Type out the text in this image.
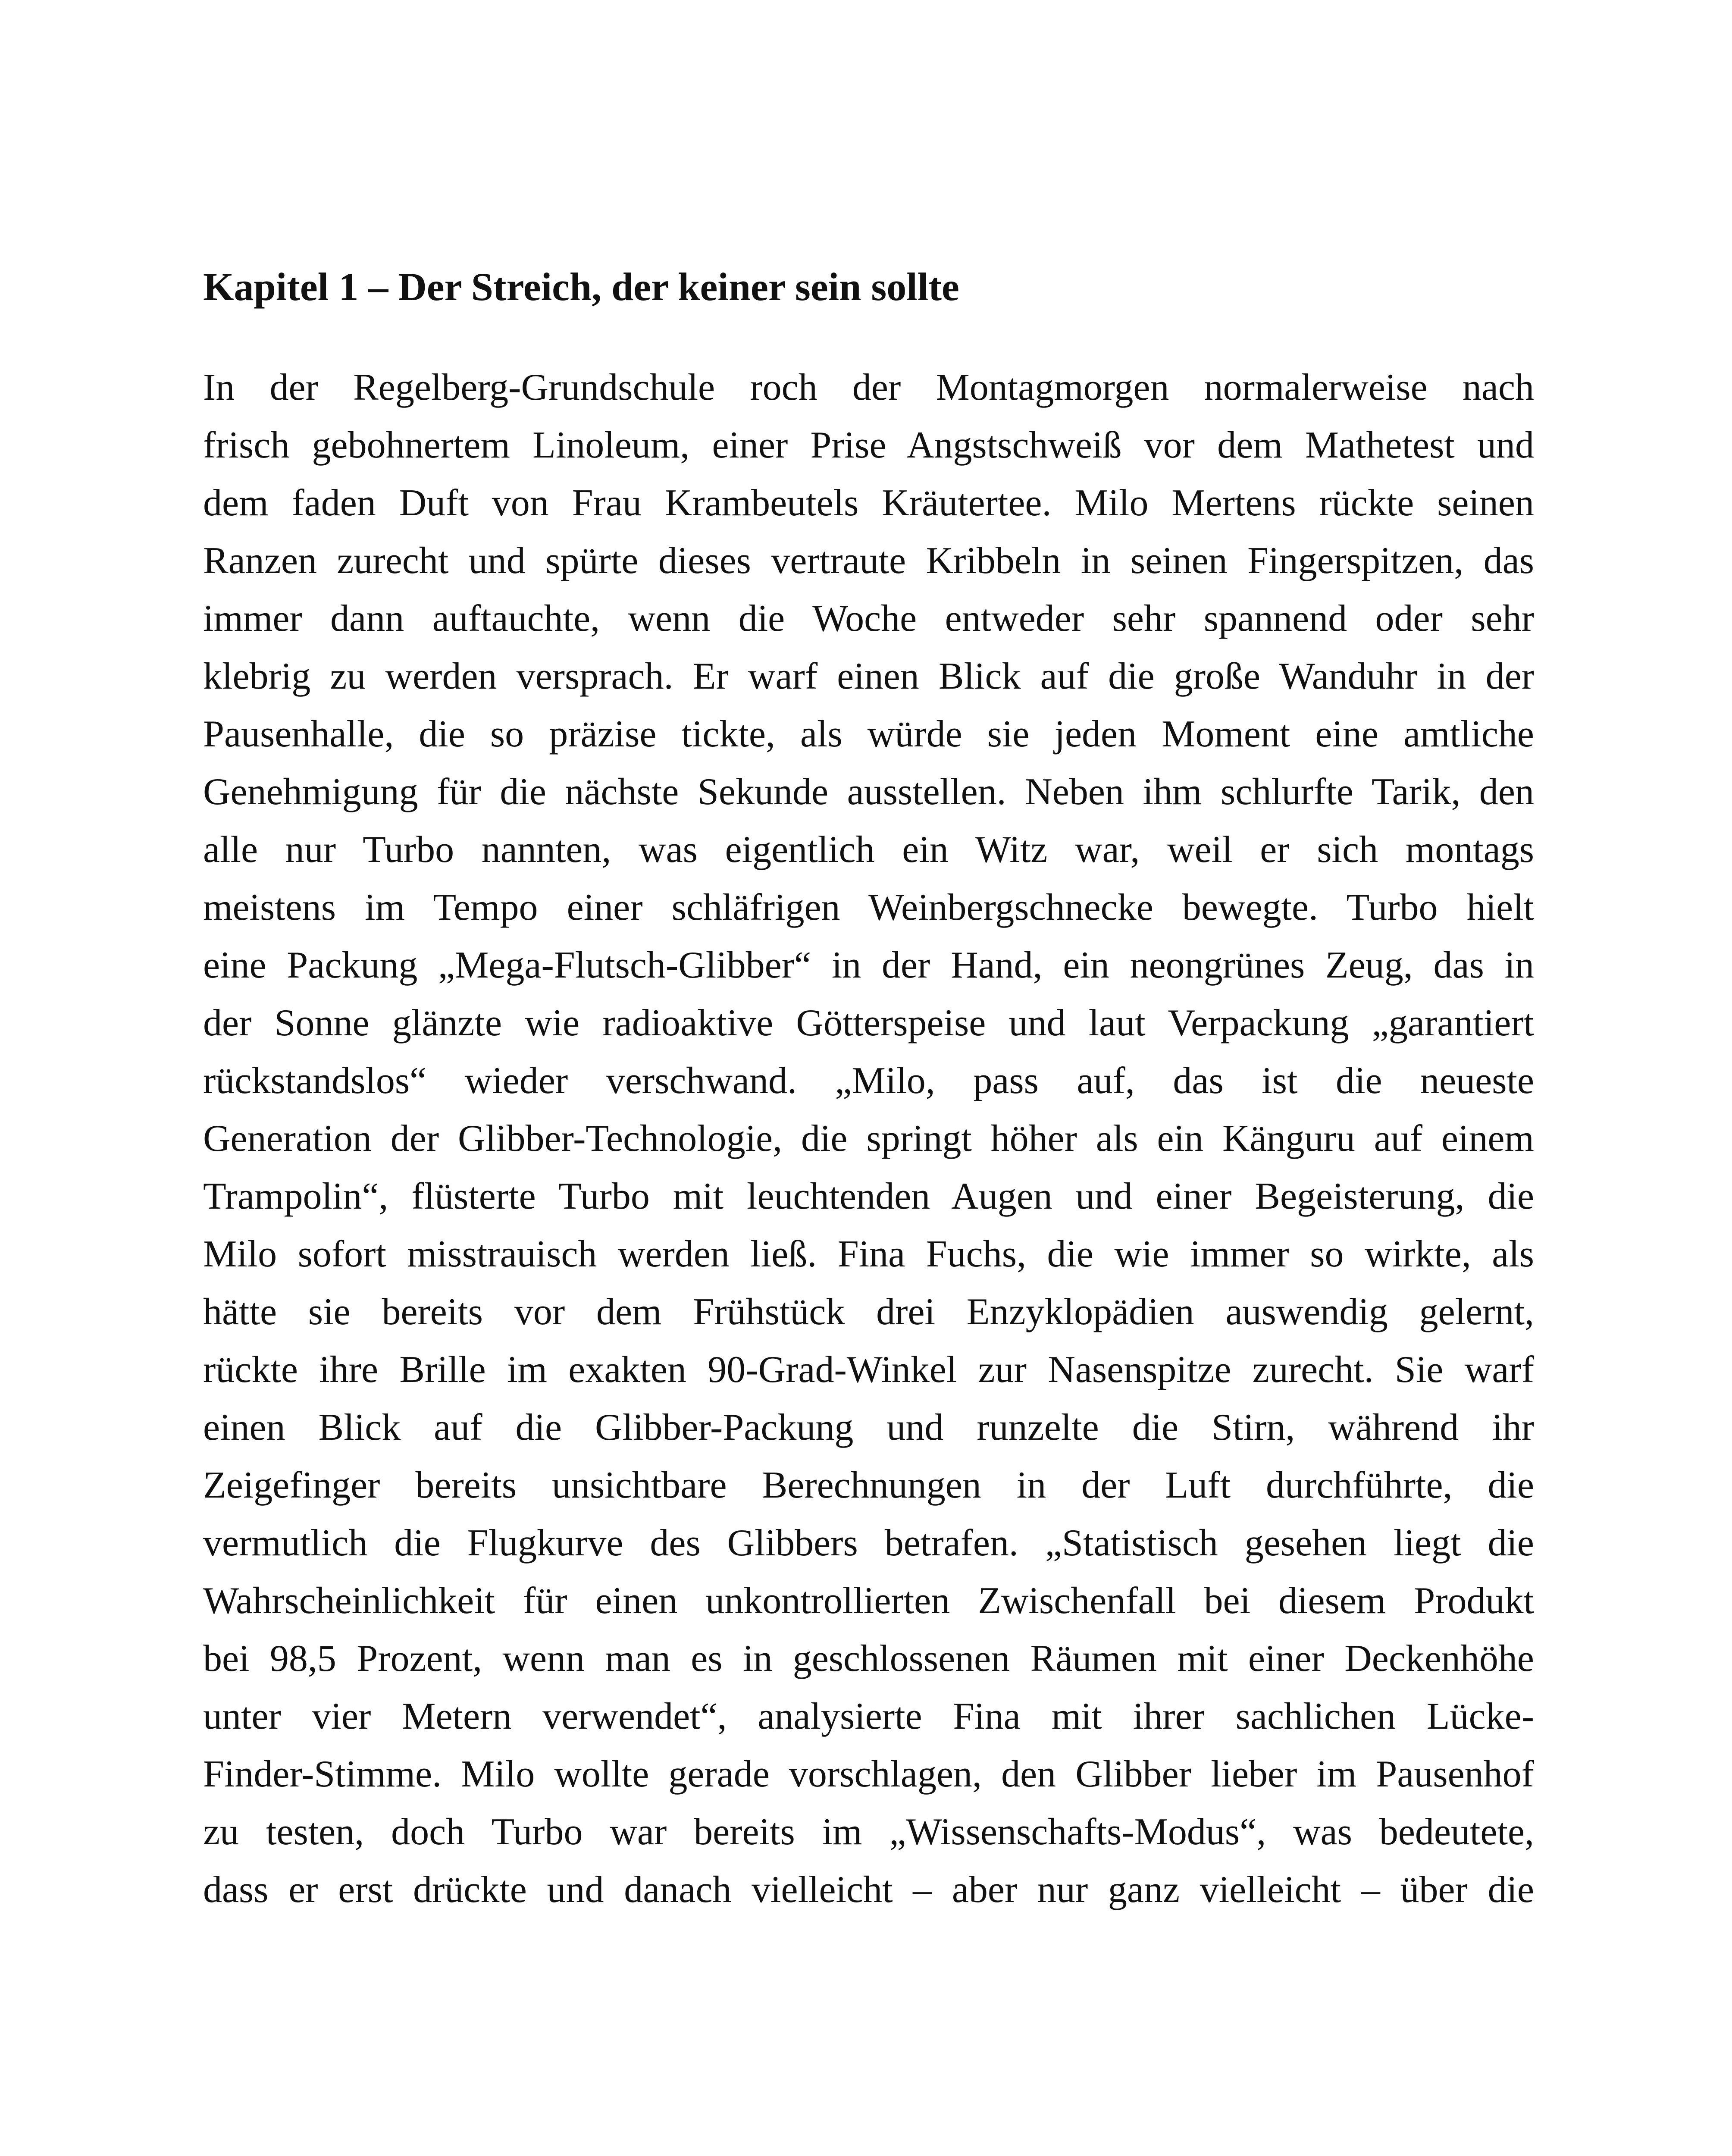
Kapitel 1 – Der Streich, der keiner sein sollte
In der Regelberg-Grundschule roch der Montagmorgen normalerweise nach
frisch gebohnertem Linoleum, einer Prise Angstschweiß vor dem Mathetest und
dem faden Duft von Frau Krambeutels Kräutertee. Milo Mertens rückte seinen
Ranzen zurecht und spürte dieses vertraute Kribbeln in seinen Fingerspitzen, das
immer dann auftauchte, wenn die Woche entweder sehr spannend oder sehr
klebrig zu werden versprach. Er warf einen Blick auf die große Wanduhr in der
Pausenhalle, die so präzise tickte, als würde sie jeden Moment eine amtliche
Genehmigung für die nächste Sekunde ausstellen. Neben ihm schlurfte Tarik, den
alle nur Turbo nannten, was eigentlich ein Witz war, weil er sich montags
meistens im Tempo einer schläfrigen Weinbergschnecke bewegte. Turbo hielt
eine Packung „Mega-Flutsch-Glibber“ in der Hand, ein neongrünes Zeug, das in
der Sonne glänzte wie radioaktive Götterspeise und laut Verpackung „garantiert
rückstandslos“ wieder verschwand. „Milo, pass auf, das ist die neueste
Generation der Glibber-Technologie, die springt höher als ein Känguru auf einem
Trampolin“, flüsterte Turbo mit leuchtenden Augen und einer Begeisterung, die
Milo sofort misstrauisch werden ließ. Fina Fuchs, die wie immer so wirkte, als
hätte sie bereits vor dem Frühstück drei Enzyklopädien auswendig gelernt,
rückte ihre Brille im exakten 90-Grad-Winkel zur Nasenspitze zurecht. Sie warf
einen Blick auf die Glibber-Packung und runzelte die Stirn, während ihr
Zeigefinger bereits unsichtbare Berechnungen in der Luft durchführte, die
vermutlich die Flugkurve des Glibbers betrafen. „Statistisch gesehen liegt die
Wahrscheinlichkeit für einen unkontrollierten Zwischenfall bei diesem Produkt
bei 98,5 Prozent, wenn man es in geschlossenen Räumen mit einer Deckenhöhe
unter vier Metern verwendet“, analysierte Fina mit ihrer sachlichen Lücke-
Finder-Stimme. Milo wollte gerade vorschlagen, den Glibber lieber im Pausenhof
zu testen, doch Turbo war bereits im „Wissenschafts-Modus“, was bedeutete,
dass er erst drückte und danach vielleicht – aber nur ganz vielleicht – über die
